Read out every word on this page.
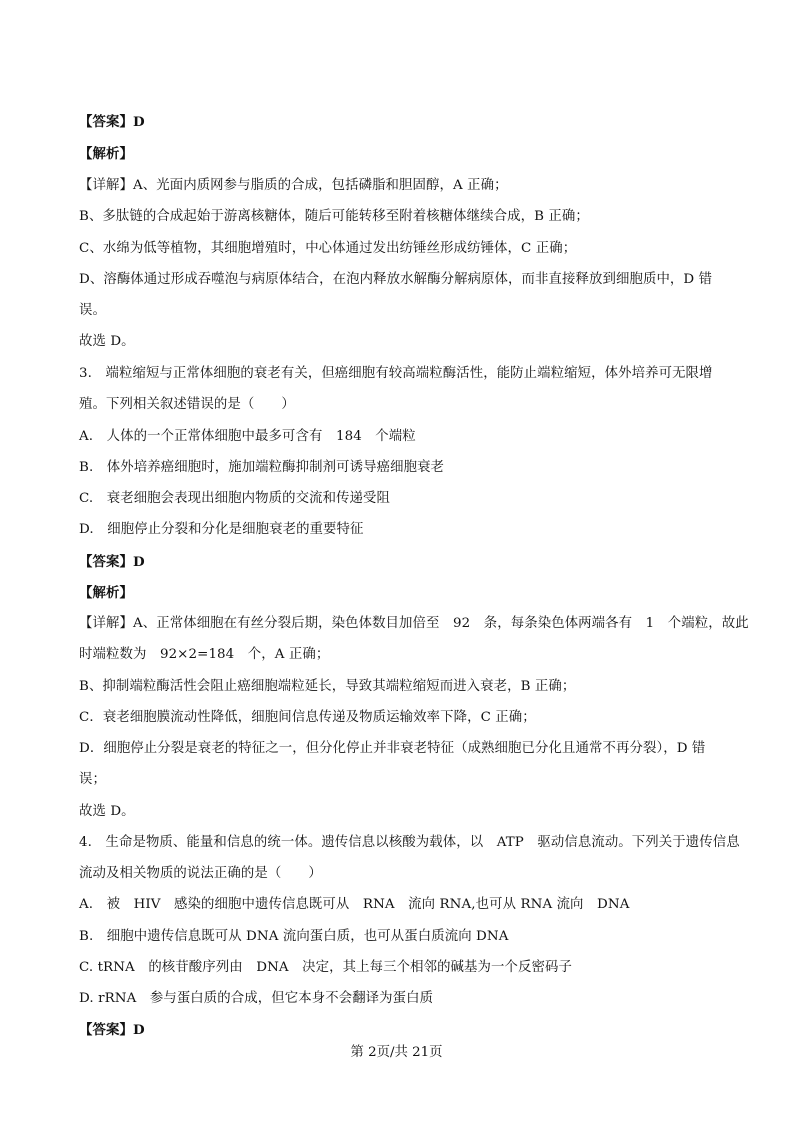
【答案】D
【解析】
【详解】A、光面内质网参与脂质的合成，包括磷脂和胆固醇，A 正确；
B、多肽链的合成起始于游离核糖体，随后可能转移至附着核糖体继续合成，B 正确；
C、水绵为低等植物，其细胞增殖时，中心体通过发出纺锤丝形成纺锤体，C 正确；
D、溶酶体通过形成吞噬泡与病原体结合，在泡内释放水解酶分解病原体，而非直接释放到细胞质中，D 错
误。
故选 D。
3.　端粒缩短与正常体细胞的衰老有关，但癌细胞有较高端粒酶活性，能防止端粒缩短，体外培养可无限增
殖。下列相关叙述错误的是（　　）
A.　人体的一个正常体细胞中最多可含有　184　个端粒
B.　体外培养癌细胞时，施加端粒酶抑制剂可诱导癌细胞衰老
C.　衰老细胞会表现出细胞内物质的交流和传递受阻
D.　细胞停止分裂和分化是细胞衰老的重要特征
【答案】D
【解析】
【详解】A、正常体细胞在有丝分裂后期，染色体数目加倍至　92　条，每条染色体两端各有　1　个端粒，故此
时端粒数为　92×2=184　个，A 正确；
B、抑制端粒酶活性会阻止癌细胞端粒延长，导致其端粒缩短而进入衰老，B 正确；
C．衰老细胞膜流动性降低，细胞间信息传递及物质运输效率下降，C 正确；
D．细胞停止分裂是衰老的特征之一，但分化停止并非衰老特征（成熟细胞已分化且通常不再分裂），D 错
误；
故选 D。
4.　生命是物质、能量和信息的统一体。遗传信息以核酸为载体，以　ATP　驱动信息流动。下列关于遗传信息
流动及相关物质的说法正确的是（　　）
A.　被　HIV　感染的细胞中遗传信息既可从　RNA　流向 RNA,也可从 RNA 流向　DNA
B.　细胞中遗传信息既可从 DNA 流向蛋白质，也可从蛋白质流向 DNA
C. tRNA　的核苷酸序列由　DNA　决定，其上每三个相邻的碱基为一个反密码子
D. rRNA　参与蛋白质的合成，但它本身不会翻译为蛋白质
【答案】D
第 2页/共 21页
